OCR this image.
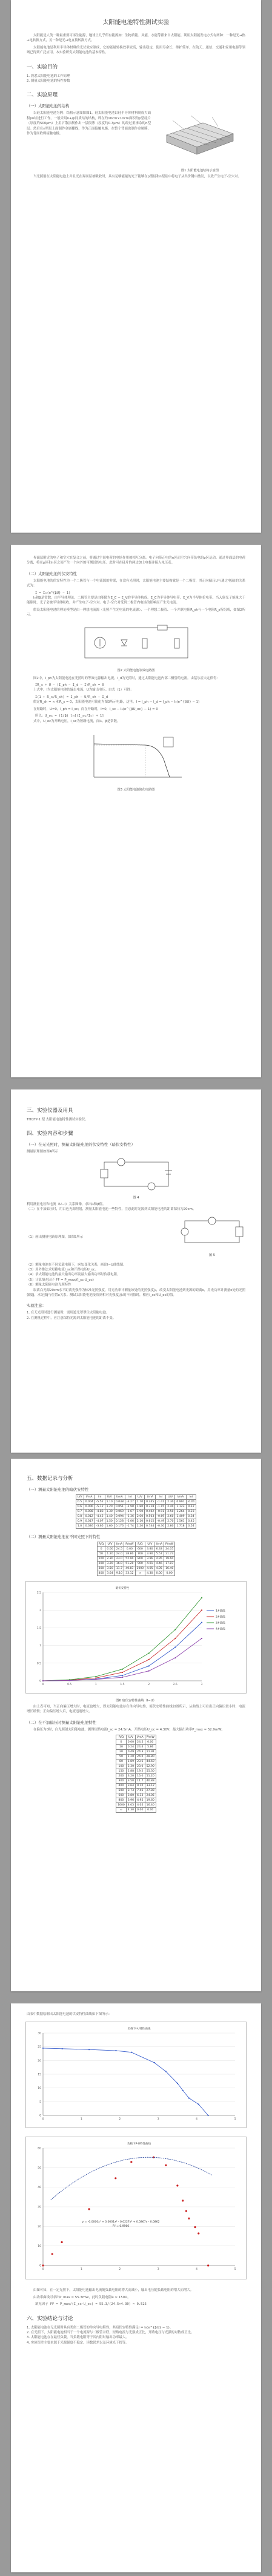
太阳能电池特性测试实验
太阳能是人类一种最重要可再生能源，地球上几乎所有能源如：生物质能、风能、水能等都来自太阳能。利用太阳能发电方式有两种：一种是光→热→电转换方式，另一种是光→电直接转换方式。
太阳能电池是利用半导体材料的光伏效应制成，它的能量转换效率较高，输出稳定，使用寿命长，维护简单，在航天、通信、交通和家用电器等领域已得到广泛应用。本实验研究太阳能电池的基本特性。
一、实验目的
1. 熟悉太阳能电池的工作原理
2. 测量太阳能电池的特性参数
二、实验原理
（一）太阳能电池的结构
以硅太阳能电池为例：结构示意图如图1。硅太阳能电池以硅半导体材料制成大面积pn结进行工作。一般采用n+/p同质结的结构，即在约10cm×10cm面积的p型硅片（厚度约500μm）上用扩散法制作出一层很薄（厚度约0.3μm）的经过重掺杂的n型层。然后在n型层上面制作金属栅线，作为正面接触电极。在整个背面也制作金属膜，作为背面欧姆接触电极。
图1 太阳能电池结构示意图
当光照射在太阳能电池上并且光在界面层被吸收时，具有足够能量的光子能够在p型硅和n型硅中将电子从共价键中激发，以致产生电子-空穴对。
界面层附近的电子和空穴在复合之前，将通过空间电荷的电场作用被相互分离。电子向带正电的n区而空穴向带负电的p区运动。通过界面层的电荷分离，将在p区和n区之间产生一个向外的可测试的电压。此时可在硅片的两边加上电极并接入电压表。
（二）太阳能电池的伏安特性
太阳能电池的伏安特性为一个二极管与一个电流源的并联，在没有光照时，太阳能电池主要结构就是一个二极管，其正向偏压U与通过电流I的关系式为：
I = I₀(e^{βU} − 1)
I₀和β是常数，由半导体理论，二极管主要是由能隙为E_C − E_V的半导体构成。E_C为半导体导电带，E_V为半导体价电带。当入射光子能量大于能隙时，光子会被半导体吸收，并产生电子-空穴对。电子-空穴对受到二极管内电场的影响而产生光电流。
假设太阳能电池的理论模型是由一理想电流源（光照产生光电流的电流源）、一个理想二极管、一个并联电阻R_sh与一个电阻R_s所组成，如图2所示。
图2 太阳能电池等效电路图
图2中，I_ph为太阳能电池在光照时的等效电源输出电流，I_d为光照时，通过太阳能电池内部二极管的电流。由基尔霍夫定律得：
IR_s + U − (I_ph − I_d − I)R_sh = 0
上式中，I为太阳能电池的输出电流，U为输出电压。由式（1）可得：
I(1 + R_s/R_sh) = I_ph − U/R_sh − I_d
假定R_sh = ∞ 和R_s = 0，太阳能电池可简化为图3所示电路，这里，I = I_ph − I_d = I_ph − I₀(e^{βU} − 1)
在短路时，U=0，I_ph = I_sc；而在开路时，I=0，I_sc − I₀(e^{βU_oc} − 1) = 0
所以：U_oc = (1/β) ln[(I_sc/I₀) + 1]
式中，U_oc为开路电压，I_sc为短路电流，而I₀、β是常数。
图3 太阳能电池简化电路图
三、实验仪器及用具
THQTY-1 型 太阳能电池特性测试实验仪。
四、实验内容和步骤
（一）在无光照时，测量太阳能电池的伏安特性（暗伏安特性）
测量原理图如图4所示
图 4
利用测量电压和电流（U−I）关系图像，求出I₀和β值。
（二）在不加偏压时，用白色光源照射，测量太阳能电池一些特性，注意此时光源到太阳能电池的距离保持为20cm。
（1）画出测量电路原理图，如图5所示
图 5
（2）测量电池在不同负载电阻下，I对U变化关系，画出I−U曲线图。
（3）用外推法求短路电流I_sc和开路电压U_oc。
（4）求太阳能电池的最大输出功率及最大输出功率时负载电阻。
（5）计算填充因子 FF = P_max/(I_sc·U_oc)
（6）测量太阳能电池光照特性
取离白光源20cm水平距离光强作为标准光照强度，用光功率计测量该处的光照强度J₀，改变太阳能电池到光源的距离x，用光功率计测量x处的光照强度J，求光强J与位置x关系。测试太阳能电池接收到相对光强度J/J₀的不同值时，相应I_sc和U_oc的值。
实验注意：
1. 在无光照时进行测量时，需用遮光罩罩住太阳能电池。
2. 在测量过程中，应注意保持光源到太阳能电池的距离不变。
五、数据记录与分析
（一）测量太阳能电池的暗伏安特性
U/V	I/mA	lnI	U/V	I/mA	lnI	U/V	I/mA	lnI	U/V	I/mA	lnI
0.5	0.004	-5.52	1.10	0.038	-3.27	1.70	0.245	-1.41	2.30	0.991	-0.01
0.6	0.006	-5.12	1.20	0.051	-2.98	1.80	0.318	-1.15	2.40	1.123	0.12
0.7	0.008	-4.83	1.30	0.069	-2.67	1.90	0.402	-0.91	2.50	1.264	0.23
0.8	0.012	-4.42	1.40	0.094	-2.36	2.00	0.503	-0.69	2.60	1.409	0.34
0.9	0.017	-4.07	1.50	0.128	-2.06	2.10	0.615	-0.49	2.70	1.561	0.45
1.0	0.026	-3.65	1.60	0.176	-1.74	2.20	0.744	-0.30	2.80	1.718	0.54
（二）测量太阳能电池在不同光照下的特性
R/Ω	U/V	I/mA	P/mW	R/Ω	U/V	I/mA	P/mW
0	0.00	24.5	0.00	600	3.80	6.33	24.05
50	1.20	24.0	28.80	700	3.90	5.57	21.73
100	2.30	23.0	52.90	800	3.96	4.95	19.60
200	3.20	16.0	51.20	900	4.01	4.46	17.87
300	3.50	11.7	40.83	1000	4.05	4.05	16.40
400	3.64	9.10	33.12	∞	4.30	0.00	0.00
暗伏安特性
0
0.5
1
1.5
2
2.5
0	0.5	1	1.5	2	2.5	3
1#曲线
2#曲线
3#曲线
4#曲线
图6 暗伏安特性曲线（I−U）
由上表可知，当正向偏压增大时，电流也增大，即太阳能电池存在单向导电性，暗伏安特性曲线如图所示，从曲线上可看出正向偏压较小时，电流增长缓慢；正向偏压增大后，电流迅速增大。
（二）在不加偏压时测量太阳能电池特性
在偏压为0时，白光照射太阳能电池，测得短路电流I_sc = 24.5mA，开路电压U_oc = 4.30V，最大输出功率P_max ≈ 52.9mW。
R/Ω	U/V	I/mA	P/mW
0	0.00	24.5	0.00
10	0.24	24.4	5.86
20	0.49	24.3	11.91
50	1.20	24.0	28.80
80	1.89	23.6	44.60
100	2.30	23.0	52.90
150	2.88	19.2	55.30
200	3.20	16.0	51.20
300	3.50	11.7	40.83
400	3.64	9.10	33.12
500	3.73	7.46	27.83
600	3.80	6.33	24.05
800	3.96	4.95	19.60
1000	4.05	4.05	16.40
∞	4.30	0.00	0.00
由表中数据绘制出太阳能电池的伏安特性曲线如下图所示：
负载下I-U特性曲线
0
5
10
15
20
25
30
0	1	2	3	4	5
负载下P-U特性曲线
0
10
20
30
40
50
60
0	1	2	3	4	5
y = -0.0000x⁴ + 0.0001x³ - 0.0227x² + 0.5867x - 0.0862
R² = 0.9966
由图可知，在一定光照下，太阳能电池输出电流随负载电阻的增大而减小，输出电压随负载电阻的增大而增大。
由功率曲线可求出P_max ≈ 55.3mW，此时负载电阻R ≈ 150Ω。
填充因子 FF = P_max/(I_sc·U_oc) = 55.3/(24.5×4.30) ≈ 0.525
六、实验结论与讨论
1. 太阳能电池在无光照时具有类似二极管的单向导电特性，其暗伏安特性满足I = I₀(e^{βU} − 1)。
2. 在光照下，太阳能电池相当于一个电流源与二极管并联，短路电流与光强成正比，开路电压与光强的对数成正比。
3. 太阳能电池存在最佳负载，当负载电阻等于其内阻时输出功率最大。
4. 实验误差主要来源于光源强度不稳定、读数误差以及环境光干扰等。
